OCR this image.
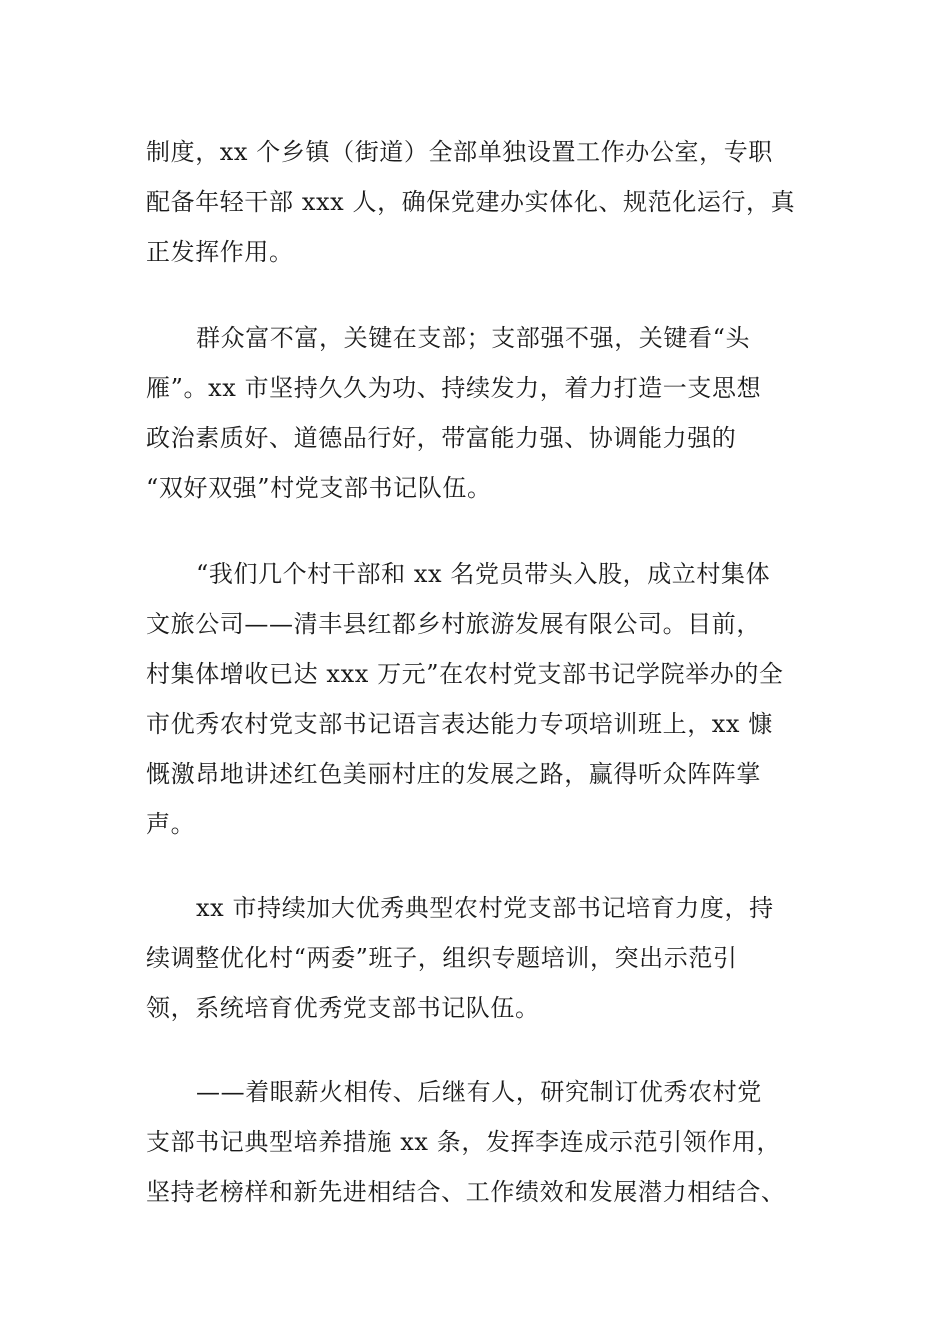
制度，xx 个乡镇（街道）全部单独设置工作办公室，专职
配备年轻干部 xxx 人，确保党建办实体化、规范化运行，真
正发挥作用。
群众富不富，关键在支部；支部强不强，关键看“头
雁”。xx 市坚持久久为功、持续发力，着力打造一支思想
政治素质好、道德品行好，带富能力强、协调能力强的
“双好双强”村党支部书记队伍。
“我们几个村干部和 xx 名党员带头入股，成立村集体
文旅公司——清丰县红都乡村旅游发展有限公司。目前，
村集体增收已达 xxx 万元”在农村党支部书记学院举办的全
市优秀农村党支部书记语言表达能力专项培训班上，xx 慷
慨激昂地讲述红色美丽村庄的发展之路，赢得听众阵阵掌
声。
xx 市持续加大优秀典型农村党支部书记培育力度，持
续调整优化村“两委”班子，组织专题培训，突出示范引
领，系统培育优秀党支部书记队伍。
——着眼薪火相传、后继有人，研究制订优秀农村党
支部书记典型培养措施 xx 条，发挥李连成示范引领作用，
坚持老榜样和新先进相结合、工作绩效和发展潜力相结合、
